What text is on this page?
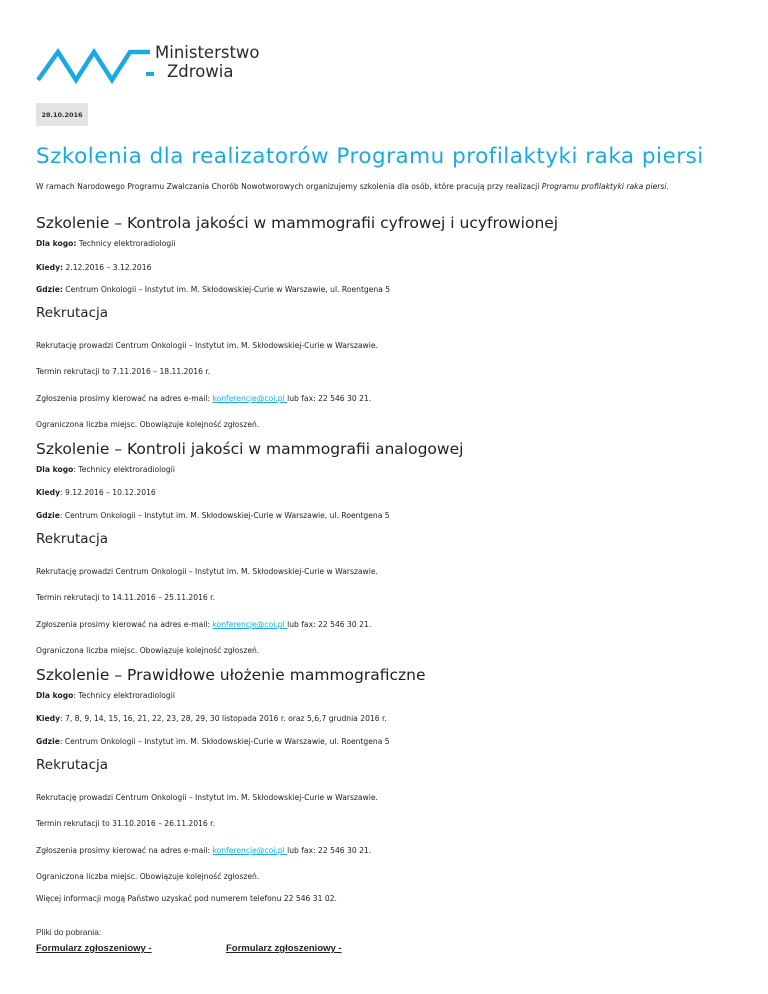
Ministerstwo
Zdrowia
28.10.2016
Szkolenia dla realizatorów Programu profilaktyki raka piersi

W ramach Narodowego Programu Zwalczania Chorób Nowotworowych organizujemy szkolenia dla osób, które pracują przy realizacji Programu profilaktyki raka piersi.

Szkolenie – Kontrola jakości w mammografii cyfrowej i ucyfrowionej

Dla kogo: Technicy elektroradiologii

Kiedy: 2.12.2016 – 3.12.2016

Gdzie: Centrum Onkologii – Instytut im. M. Skłodowskiej-Curie w Warszawie, ul. Roentgena 5

Rekrutacja

Rekrutację prowadzi Centrum Onkologii – Instytut im. M. Skłodowskiej-Curie w Warszawie.

Termin rekrutacji to 7.11.2016 – 18.11.2016 r.

Zgłoszenia prosimy kierować na adres e-mail: konferencje@coi.pl lub fax: 22 546 30 21.

Ograniczona liczba miejsc. Obowiązuje kolejność zgłoszeń.

Szkolenie – Kontroli jakości w mammografii analogowej

Dla kogo: Technicy elektroradiologii

Kiedy: 9.12.2016 – 10.12.2016

Gdzie: Centrum Onkologii – Instytut im. M. Skłodowskiej-Curie w Warszawie, ul. Roentgena 5

Rekrutacja

Rekrutację prowadzi Centrum Onkologii – Instytut im. M. Skłodowskiej-Curie w Warszawie.

Termin rekrutacji to 14.11.2016 – 25.11.2016 r.

Zgłoszenia prosimy kierować na adres e-mail: konferencje@coi.pl lub fax: 22 546 30 21.

Ograniczona liczba miejsc. Obowiązuje kolejność zgłoszeń.

Szkolenie – Prawidłowe ułożenie mammograficzne

Dla kogo: Technicy elektroradiologii

Kiedy: 7, 8, 9, 14, 15, 16, 21, 22, 23, 28, 29, 30 listopada 2016 r. oraz 5,6,7 grudnia 2016 r.

Gdzie: Centrum Onkologii – Instytut im. M. Skłodowskiej-Curie w Warszawie, ul. Roentgena 5

Rekrutacja

Rekrutację prowadzi Centrum Onkologii – Instytut im. M. Skłodowskiej-Curie w Warszawie.

Termin rekrutacji to 31.10.2016 – 26.11.2016 r.

Zgłoszenia prosimy kierować na adres e-mail: konferencje@coi.pl lub fax: 22 546 30 21.

Ograniczona liczba miejsc. Obowiązuje kolejność zgłoszeń.

Więcej informacji mogą Państwo uzyskać pod numerem telefonu 22 546 31 02.

Pliki do pobrania:

Formularz zgłoszeniowy -	Formularz zgłoszeniowy -
